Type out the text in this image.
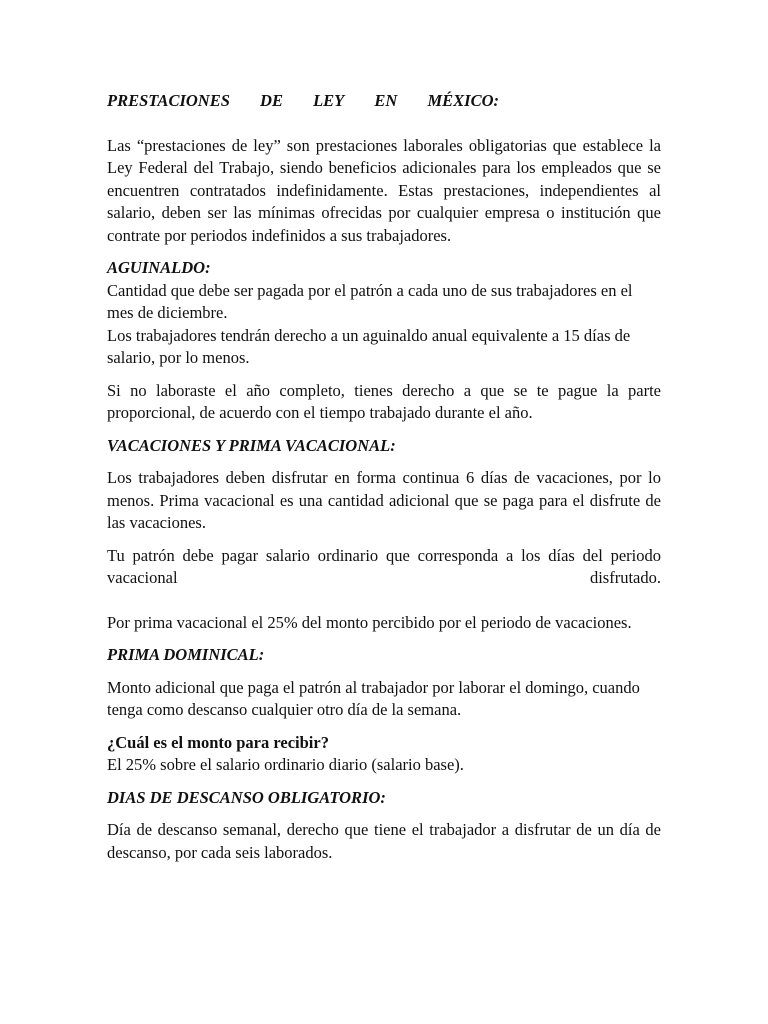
PRESTACIONES DE LEY EN MÉXICO:

Las “prestaciones de ley” son prestaciones laborales obligatorias que establece la Ley Federal del Trabajo, siendo beneficios adicionales para los empleados que se encuentren contratados indefinidamente. Estas prestaciones, independientes al salario, deben ser las mínimas ofrecidas por cualquier empresa o institución que contrate por periodos indefinidos a sus trabajadores.

AGUINALDO:

Cantidad que debe ser pagada por el patrón a cada uno de sus trabajadores en el mes de diciembre.

Los trabajadores tendrán derecho a un aguinaldo anual equivalente a 15 días de salario, por lo menos.

Si no laboraste el año completo, tienes derecho a que se te pague la parte proporcional, de acuerdo con el tiempo trabajado durante el año.

VACACIONES Y PRIMA VACACIONAL:

Los trabajadores deben disfrutar en forma continua 6 días de vacaciones, por lo menos. Prima vacacional es una cantidad adicional que se paga para el disfrute de las vacaciones.

Tu patrón debe pagar salario ordinario que corresponda a los días del periodo vacacional disfrutado.

Por prima vacacional el 25% del monto percibido por el periodo de vacaciones.

PRIMA DOMINICAL:

Monto adicional que paga el patrón al trabajador por laborar el domingo, cuando tenga como descanso cualquier otro día de la semana.

¿Cuál es el monto para recibir?

El 25% sobre el salario ordinario diario (salario base).

DIAS DE DESCANSO OBLIGATORIO:

Día de descanso semanal, derecho que tiene el trabajador a disfrutar de un día de descanso, por cada seis laborados.
